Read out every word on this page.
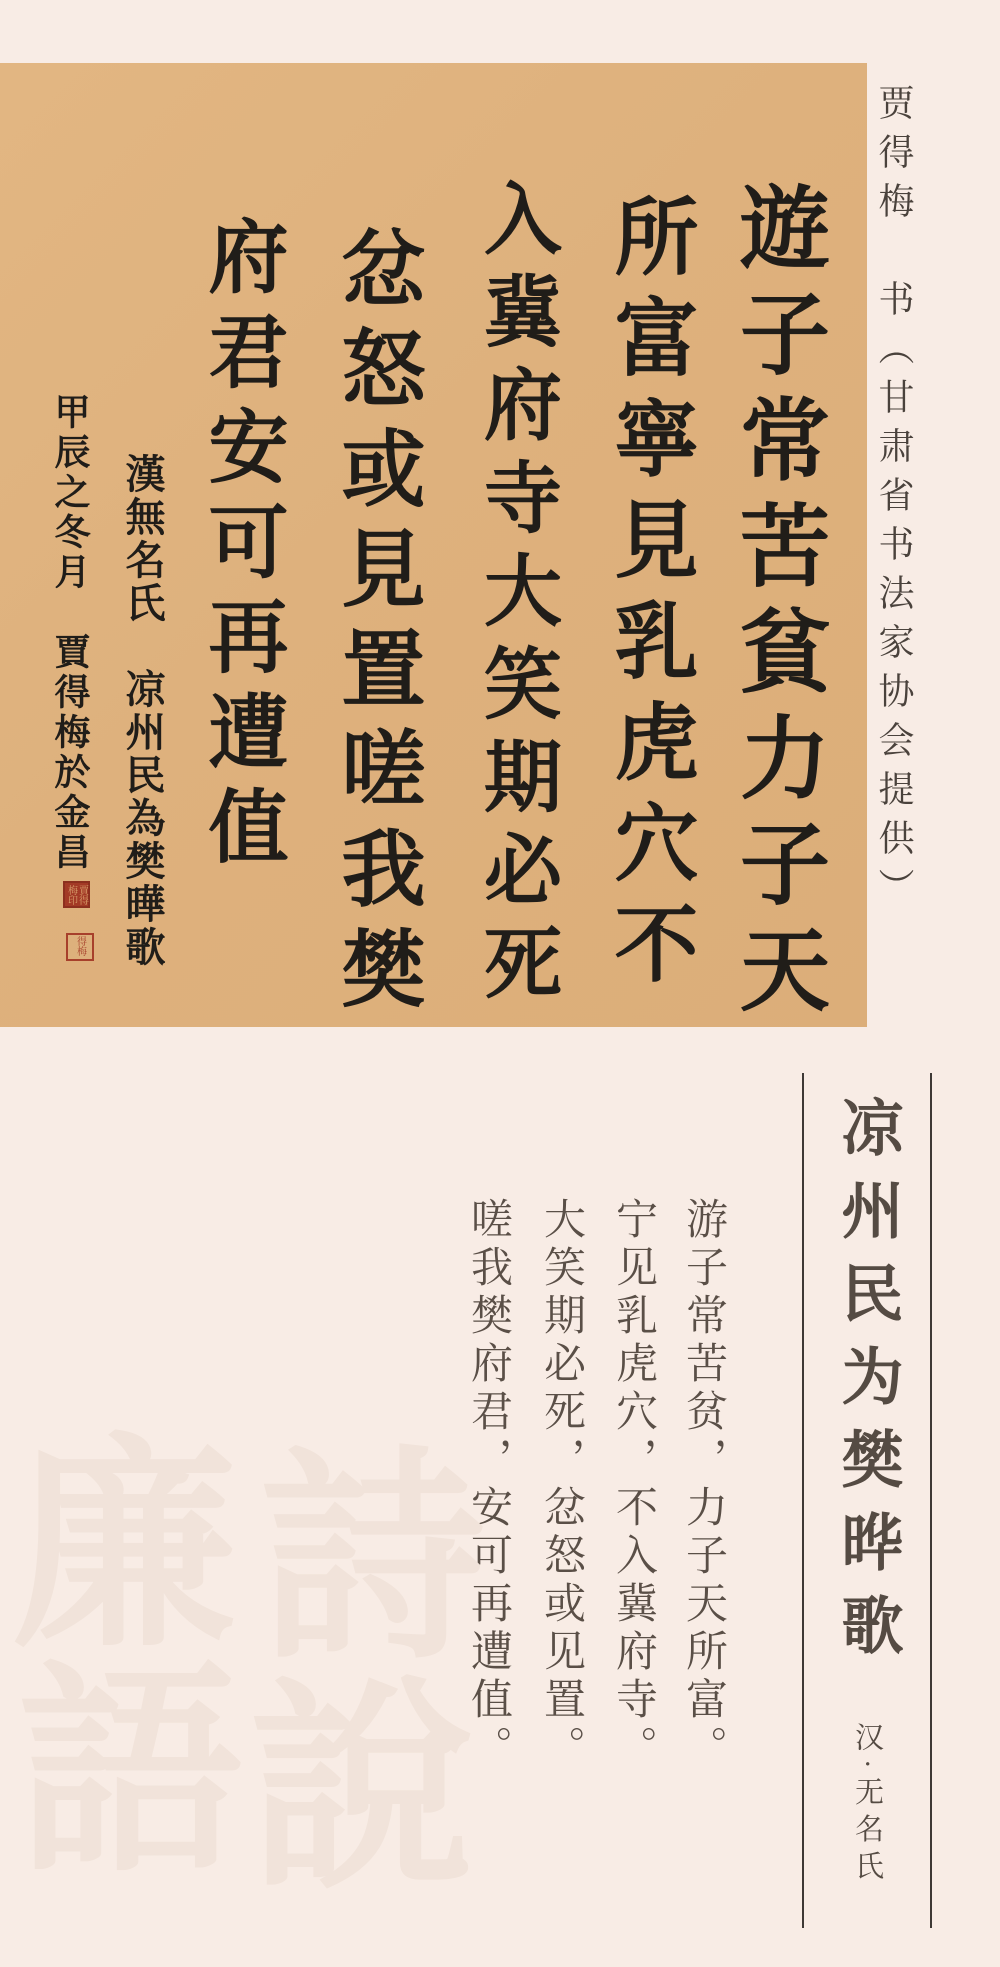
遊子常苦貧力子天
所富寧見乳虎穴不
入冀府寺大笑期必死
忿怒或見置嗟我樊
府君安可再遭值
漢無名氏　凉州民為樊曄歌
甲辰之冬月　賈得梅於金昌
賈得梅印
得梅
贾得梅　书（甘肃省书法家协会提供）
凉州民为樊晔歌
汉·无名氏
游子常苦贫，力子天所富。
宁见乳虎穴，不入冀府寺。
大笑期必死，忿怒或见置。
嗟我樊府君，安可再遭值。
詩
說
廉
語
